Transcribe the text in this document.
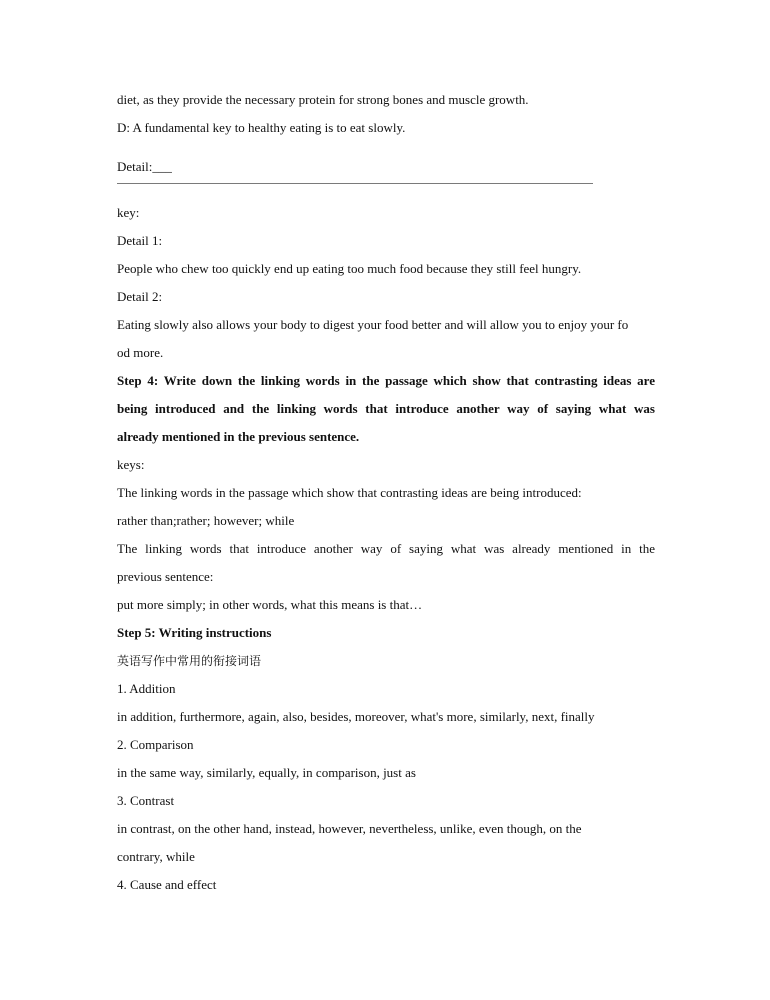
diet, as they provide the necessary protein for strong bones and muscle growth.
D: A fundamental key to healthy eating is to eat slowly.
Detail:___
key:
Detail 1:
People who chew too quickly end up eating too much food because they still feel hungry.
Detail 2:
Eating slowly also allows your body to digest your food better and will allow you to enjoy your fo
od more.
Step 4: Write down the linking words in the passage which show that contrasting ideas are
being introduced and the linking words that introduce another way of saying what was
already mentioned in the previous sentence.
keys:
The linking words in the passage which show that contrasting ideas are being introduced:
rather than;rather; however; while
The linking words that introduce another way of saying what was already mentioned in the
previous sentence:
put more simply; in other words, what this means is that…
Step 5: Writing instructions
英语写作中常用的衔接词语
1. Addition
in addition, furthermore, again, also, besides, moreover, what's more, similarly, next, finally
2. Comparison
in the same way, similarly, equally, in comparison, just as
3. Contrast
in contrast, on the other hand, instead, however, nevertheless, unlike, even though, on the
contrary, while
4. Cause and effect
